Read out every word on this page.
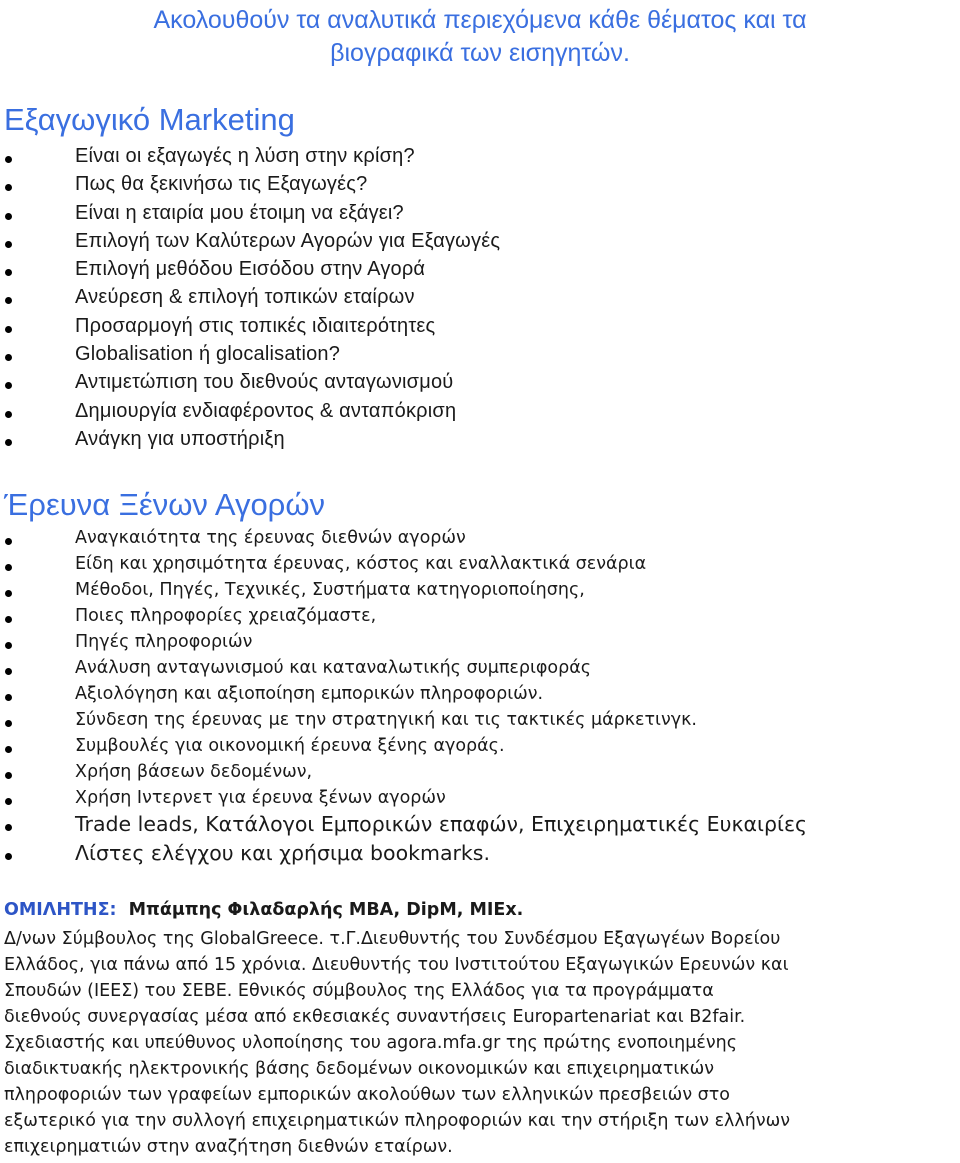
Ακολουθούν τα αναλυτικά περιεχόμενα κάθε θέματος και τα
βιογραφικά των εισηγητών.
Εξαγωγικό Marketing
Είναι οι εξαγωγές η λύση στην κρίση?
Πως θα ξεκινήσω τις Εξαγωγές?
Είναι η εταιρία μου έτοιμη να εξάγει?
Επιλογή των Καλύτερων Αγορών για Εξαγωγές
Επιλογή μεθόδου Εισόδου στην Αγορά
Ανεύρεση & επιλογή τοπικών εταίρων
Προσαρμογή στις τοπικές ιδιαιτερότητες
Globalisation ή glocalisation?
Αντιμετώπιση του διεθνούς ανταγωνισμού
Δημιουργία ενδιαφέροντος & ανταπόκριση
Ανάγκη για υποστήριξη
Έρευνα Ξένων Αγορών
Αναγκαιότητα της έρευνας διεθνών αγορών
Είδη και χρησιμότητα έρευνας, κόστος και εναλλακτικά σενάρια
Μέθοδοι, Πηγές, Τεχνικές, Συστήματα κατηγοριοποίησης,
Ποιες πληροφορίες χρειαζόμαστε,
Πηγές πληροφοριών
Ανάλυση ανταγωνισμού και καταναλωτικής συμπεριφοράς
Αξιολόγηση και αξιοποίηση εμπορικών πληροφοριών.
Σύνδεση της έρευνας με την στρατηγική και τις τακτικές μάρκετινγκ.
Συμβουλές για οικονομική έρευνα ξένης αγοράς.
Χρήση βάσεων δεδομένων,
Χρήση Ιντερνετ για έρευνα ξένων αγορών
Trade leads, Κατάλογοι Εμπορικών επαφών, Επιχειρηματικές Ευκαιρίες
Λίστες ελέγχου και χρήσιμα bookmarks.
ΟΜΙΛΗΤΗΣ: Μπάμπης Φιλαδαρλής MBA, DipM, MIEx.
Δ/νων Σύμβουλος της GlobalGreece. τ.Γ.Διευθυντής του Συνδέσμου Εξαγωγέων Βορείου
Ελλάδος, για πάνω από 15 χρόνια. Διευθυντής του Ινστιτούτου Εξαγωγικών Ερευνών και
Σπουδών (ΙΕΕΣ) του ΣΕΒΕ. Εθνικός σύμβουλος της Ελλάδος για τα προγράμματα
διεθνούς συνεργασίας μέσα από εκθεσιακές συναντήσεις Europartenariat και B2fair.
Σχεδιαστής και υπεύθυνος υλοποίησης του agora.mfa.gr της πρώτης ενοποιημένης
διαδικτυακής ηλεκτρονικής βάσης δεδομένων οικονομικών και επιχειρηματικών
πληροφοριών των γραφείων εμπορικών ακολούθων των ελληνικών πρεσβειών στο
εξωτερικό για την συλλογή επιχειρηματικών πληροφοριών και την στήριξη των ελλήνων
επιχειρηματιών στην αναζήτηση διεθνών εταίρων.
